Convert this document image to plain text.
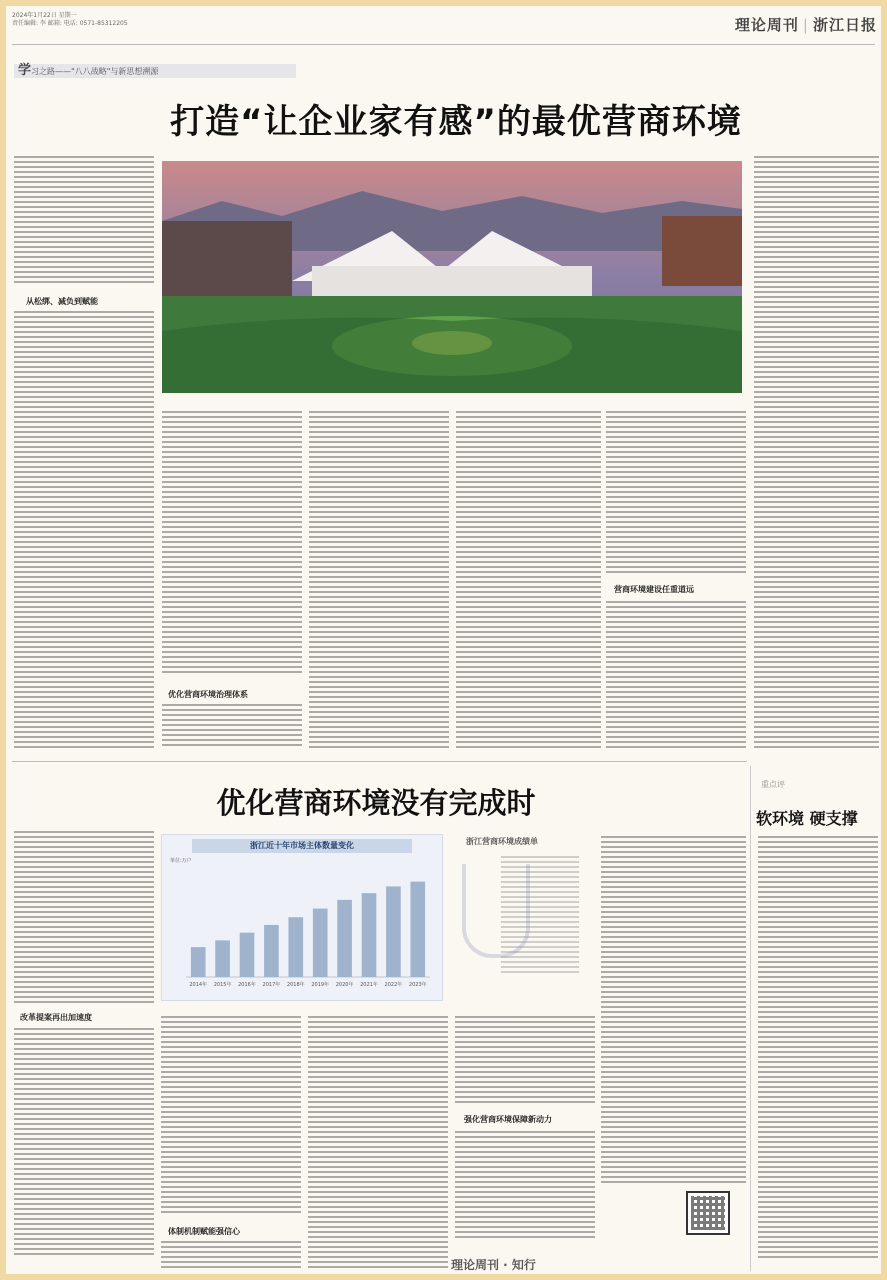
2024年1月22日 星期一
责任编辑: 李 邮箱: 电话: 0571-85312205	理论周刊 | 浙江日报
学习之路——"八八战略"与新思想溯源
打造“让企业家有感”的最优营商环境
从松绑、减负到赋能
优化营商环境治理体系
营商环境建设任重道远
优化营商环境没有完成时
改革提案再出加速度
浙江近十年市场主体数量变化
单位:万户
2014年 2015年 2016年 2017年 2018年 2019年 2020年 2021年 2022年 2023年
浙江营商环境成绩单
体制机制赋能强信心
强化营商环境保障新动力
重点评
软环境 硬支撑
理论周刊 · 知行
